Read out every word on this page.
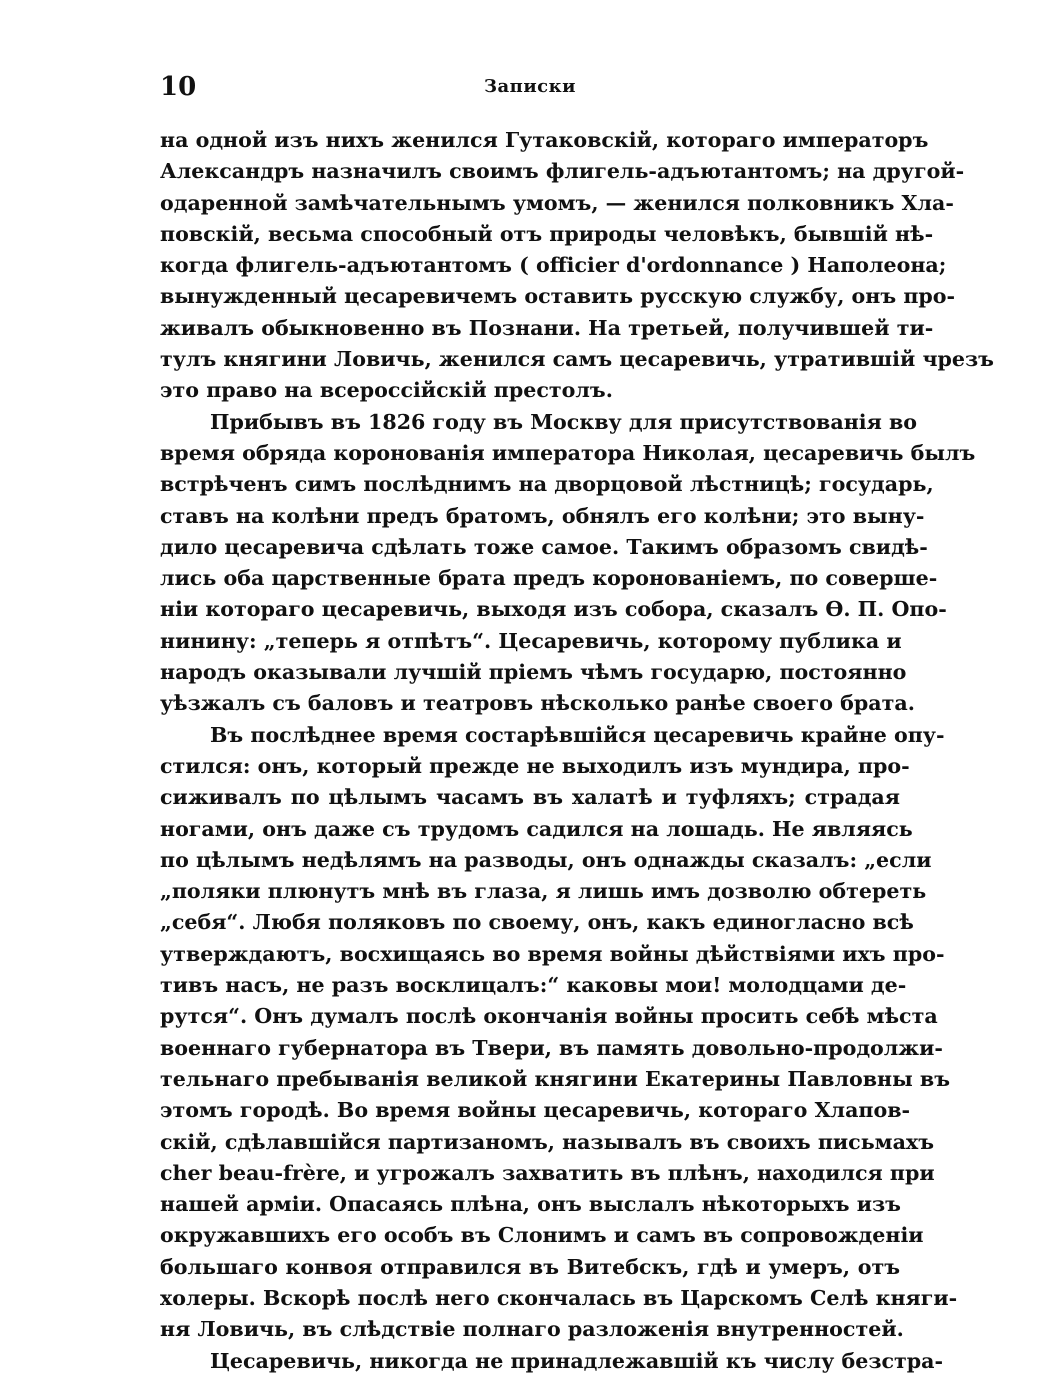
10	Записки
на одной изъ нихъ женился Гутаковскій, котораго императоръ
Александръ назначилъ своимъ флигель-адъютантомъ; на другой-
одаренной замѣчательнымъ умомъ, — женился полковникъ Хла-
повскій, весьма способный отъ природы человѣкъ, бывшій нѣ-
когда флигель-адъютантомъ ( officier d'ordonnance ) Наполеона;
вынужденный цесаревичемъ оставить русскую службу, онъ про-
живалъ обыкновенно въ Познани. На третьей, получившей ти-
тулъ княгини Ловичь, женился самъ цесаревичь, утратившій чрезъ
это право на всероссійскій престолъ.
Прибывъ въ 1826 году въ Москву для присутствованія во
время обряда коронованія императора Николая, цесаревичь былъ
встрѣченъ симъ послѣднимъ на дворцовой лѣстницѣ; государь,
ставъ на колѣни предъ братомъ, обнялъ его колѣни; это выну-
дило цесаревича сдѣлать тоже самое. Такимъ образомъ свидѣ-
лись оба царственные брата предъ коронованіемъ, по соверше-
ніи котораго цесаревичь, выходя изъ собора, сказалъ Ѳ. П. Опо-
нинину: „теперь я отпѣтъ“. Цесаревичь, которому публика и
народъ оказывали лучшій пріемъ чѣмъ государю, постоянно
уѣзжалъ съ баловъ и театровъ нѣсколько ранѣе своего брата.
Въ послѣднее время состарѣвшійся цесаревичь крайне опу-
стился: онъ, который прежде не выходилъ изъ мундира, про-
сиживалъ по цѣлымъ часамъ въ халатѣ и туфляхъ; страдая
ногами, онъ даже съ трудомъ садился на лошадь. Не являясь
по цѣлымъ недѣлямъ на разводы, онъ однажды сказалъ: „если
„поляки плюнутъ мнѣ въ глаза, я лишь имъ дозволю обтереть
„себя“. Любя поляковъ по своему, онъ, какъ единогласно всѣ
утверждаютъ, восхищаясь во время войны дѣйствіями ихъ про-
тивъ насъ, не разъ восклицалъ:“ каковы мои! молодцами де-
рутся“. Онъ думалъ послѣ окончанія войны просить себѣ мѣста
военнаго губернатора въ Твери, въ память довольно-продолжи-
тельнаго пребыванія великой княгини Екатерины Павловны въ
этомъ городѣ. Во время войны цесаревичь, котораго Хлапов-
скій, сдѣлавшійся партизаномъ, называлъ въ своихъ письмахъ
cher beau-frère, и угрожалъ захватить въ плѣнъ, находился при
нашей арміи. Опасаясь плѣна, онъ выслалъ нѣкоторыхъ изъ
окружавшихъ его особъ въ Слонимъ и самъ въ сопровожденіи
большаго конвоя отправился въ Витебскъ, гдѣ и умеръ, отъ
холеры. Вскорѣ послѣ него скончалась въ Царскомъ Селѣ княги-
ня Ловичь, въ слѣдствіе полнаго разложенія внутренностей.
Цесаревичь, никогда не принадлежавшій къ числу безстра-
